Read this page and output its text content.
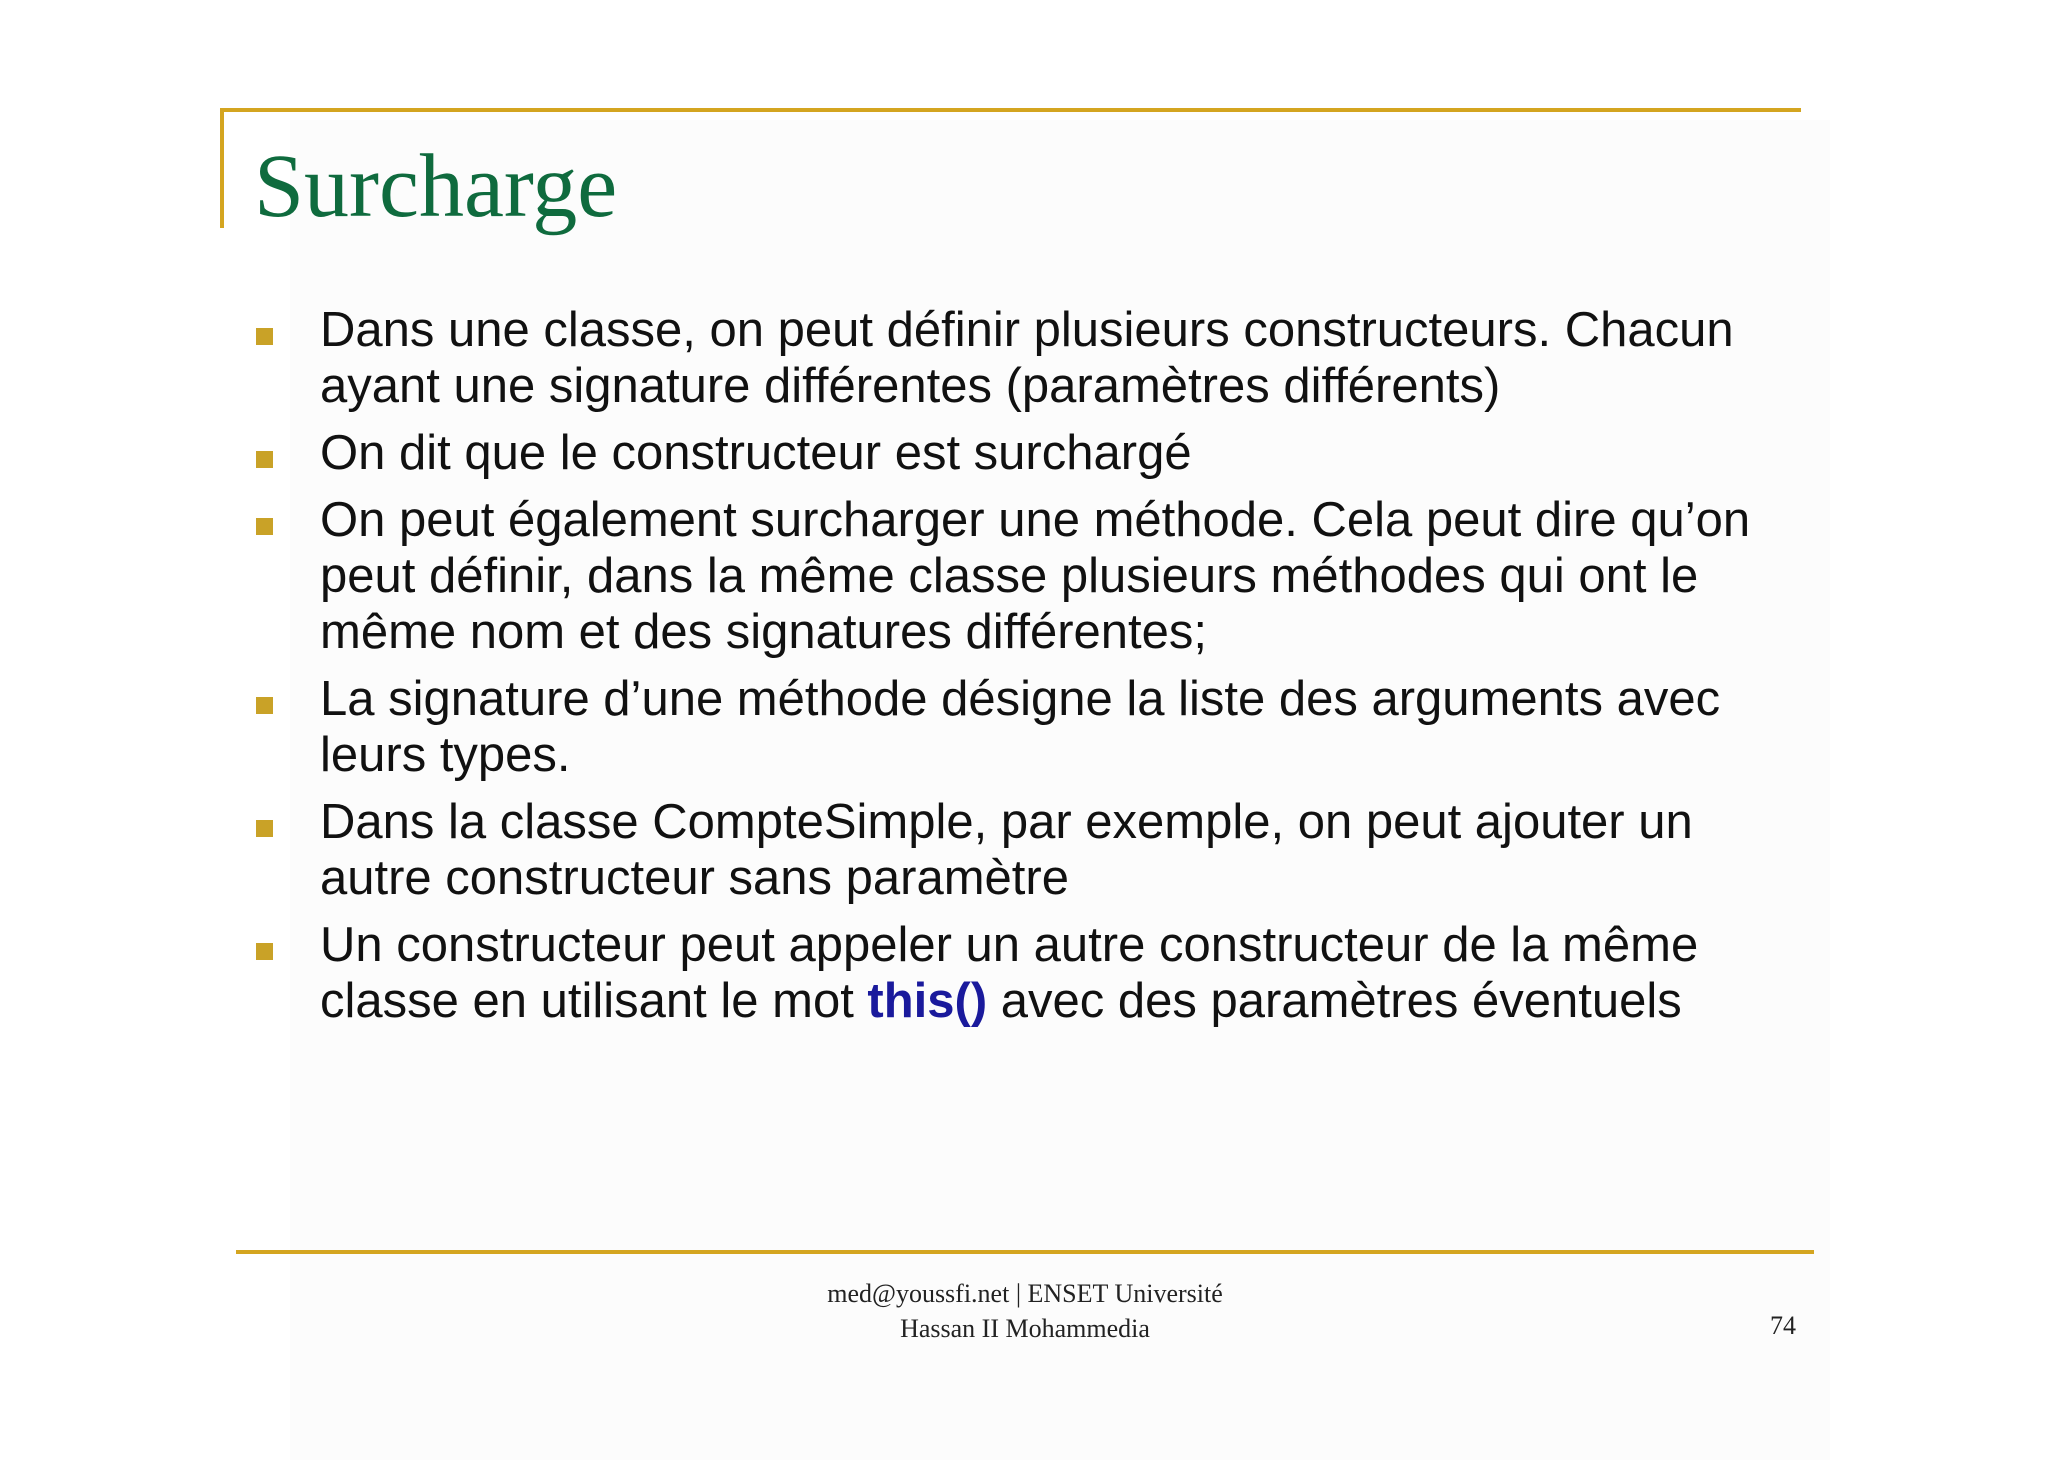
Surcharge
Dans une classe, on peut définir plusieurs constructeurs. Chacun ayant une signature différentes (paramètres différents)
On dit que le constructeur est surchargé
On peut également surcharger une méthode. Cela peut dire qu’on peut définir, dans la même classe plusieurs méthodes qui ont le même nom et des signatures différentes;
La signature d’une méthode désigne la liste des arguments avec leurs types.
Dans la classe CompteSimple, par exemple, on peut ajouter un autre constructeur sans paramètre
Un constructeur peut appeler un autre constructeur de la même classe en utilisant le mot this() avec des paramètres éventuels
med@youssfi.net | ENSET Université
Hassan II Mohammedia	74
